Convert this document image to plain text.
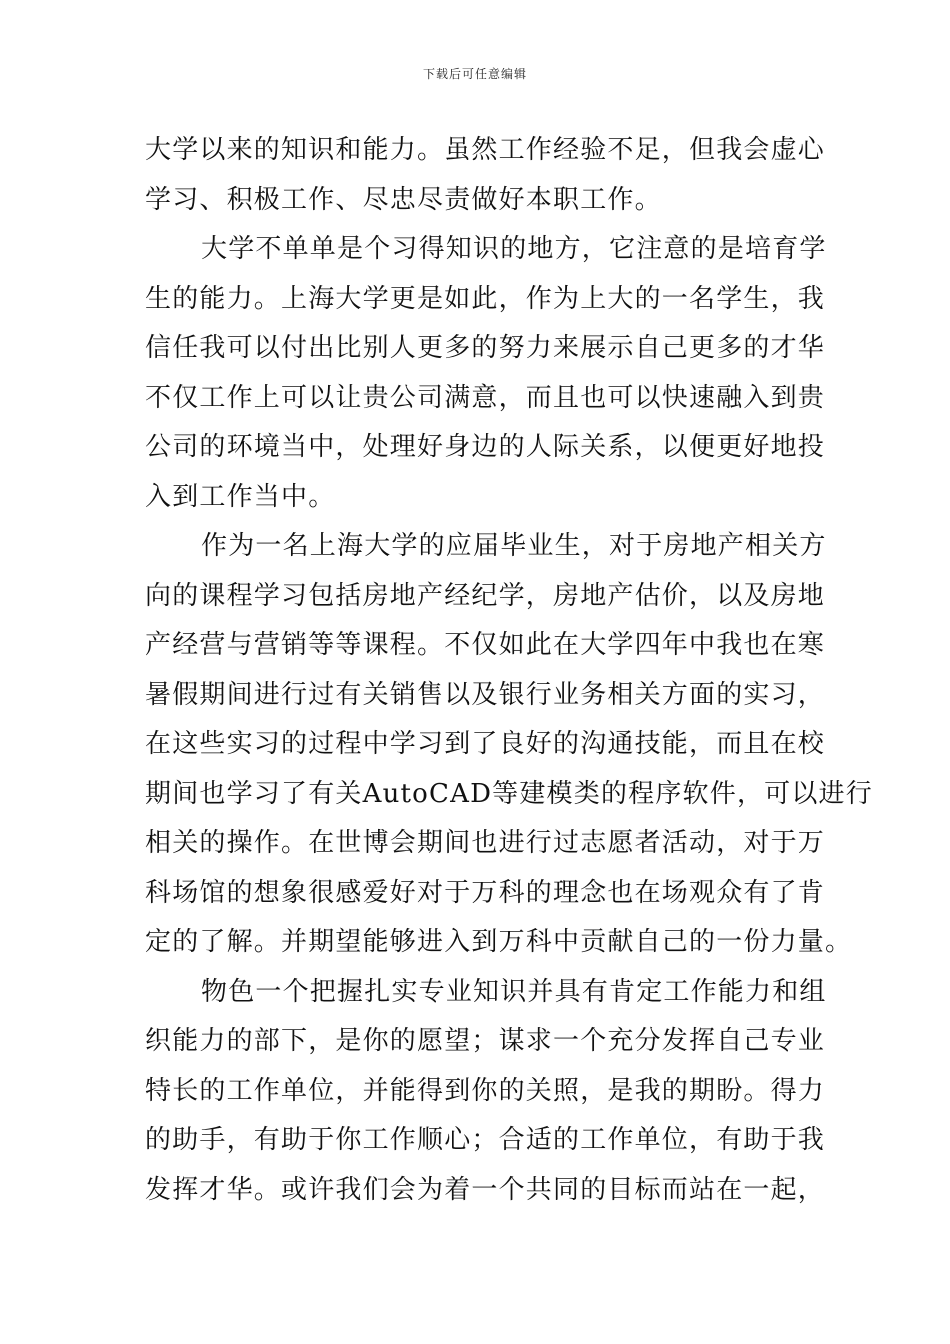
下载后可任意编辑
大学以来的知识和能力。虽然工作经验不足，但我会虚心
学习、积极工作、尽忠尽责做好本职工作。
大学不单单是个习得知识的地方，它注意的是培育学
生的能力。上海大学更是如此，作为上大的一名学生，我
信任我可以付出比别人更多的努力来展示自己更多的才华
不仅工作上可以让贵公司满意，而且也可以快速融入到贵
公司的环境当中，处理好身边的人际关系，以便更好地投
入到工作当中。
作为一名上海大学的应届毕业生，对于房地产相关方
向的课程学习包括房地产经纪学，房地产估价，以及房地
产经营与营销等等课程。不仅如此在大学四年中我也在寒
暑假期间进行过有关销售以及银行业务相关方面的实习，
在这些实习的过程中学习到了良好的沟通技能，而且在校
期间也学习了有关AutoCAD等建模类的程序软件，可以进行
相关的操作。在世博会期间也进行过志愿者活动，对于万
科场馆的想象很感爱好对于万科的理念也在场观众有了肯
定的了解。并期望能够进入到万科中贡献自己的一份力量。
物色一个把握扎实专业知识并具有肯定工作能力和组
织能力的部下，是你的愿望；谋求一个充分发挥自己专业
特长的工作单位，并能得到你的关照，是我的期盼。得力
的助手，有助于你工作顺心；合适的工作单位，有助于我
发挥才华。或许我们会为着一个共同的目标而站在一起，
